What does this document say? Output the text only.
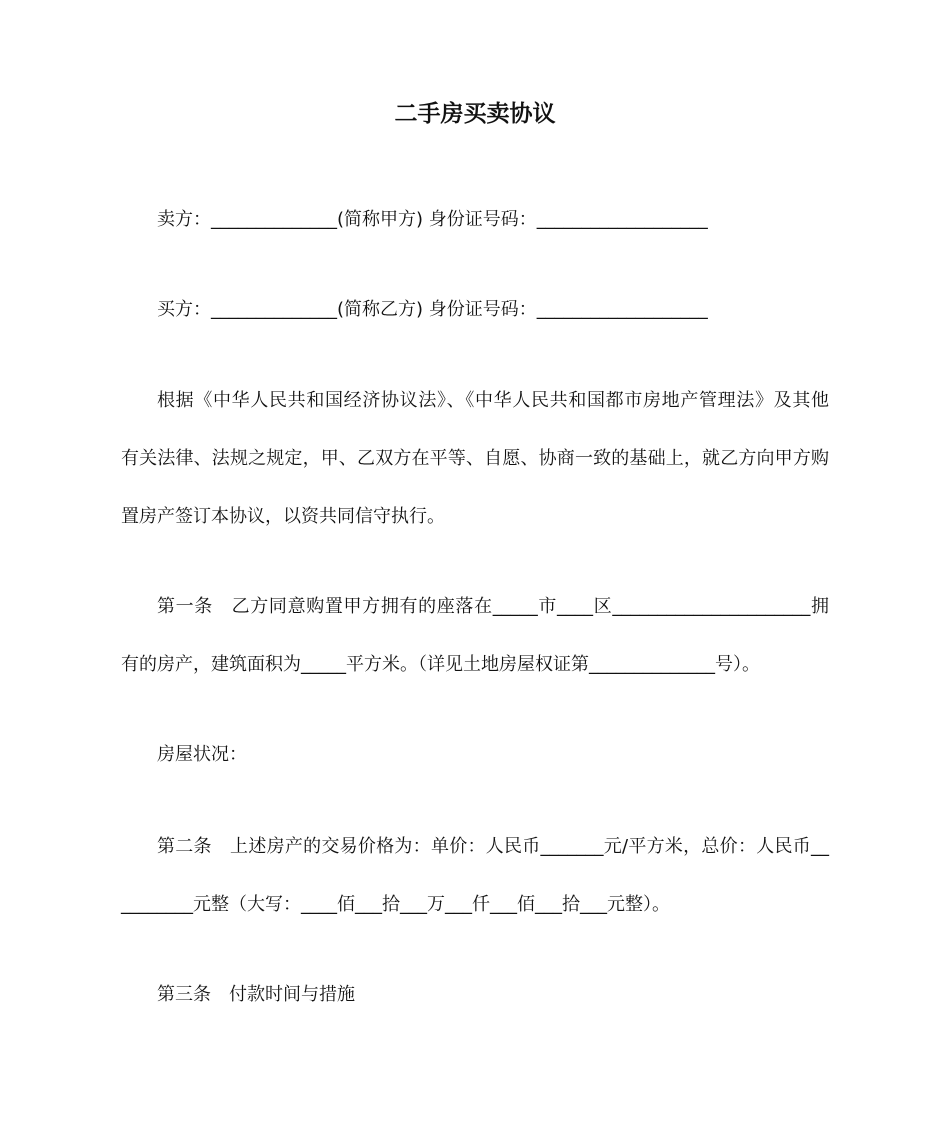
二手房买卖协议
卖方：______________(简称甲方) 身份证号码：___________________
买方：______________(简称乙方) 身份证号码：___________________
根据《中华人民共和国经济协议法》、《中华人民共和国都市房地产管理法》及其他
有关法律、法规之规定，甲、乙双方在平等、自愿、协商一致的基础上，就乙方向甲方购
置房产签订本协议，以资共同信守执行。
第一条　乙方同意购置甲方拥有的座落在_____市____区______________________拥
有的房产，建筑面积为_____平方米。（详见土地房屋权证第______________号）。
房屋状况：
第二条　上述房产的交易价格为：单价：人民币_______元/平方米，总价：人民币__
________元整（大写：____佰___拾___万___仟___佰___拾___元整）。
第三条　付款时间与措施
